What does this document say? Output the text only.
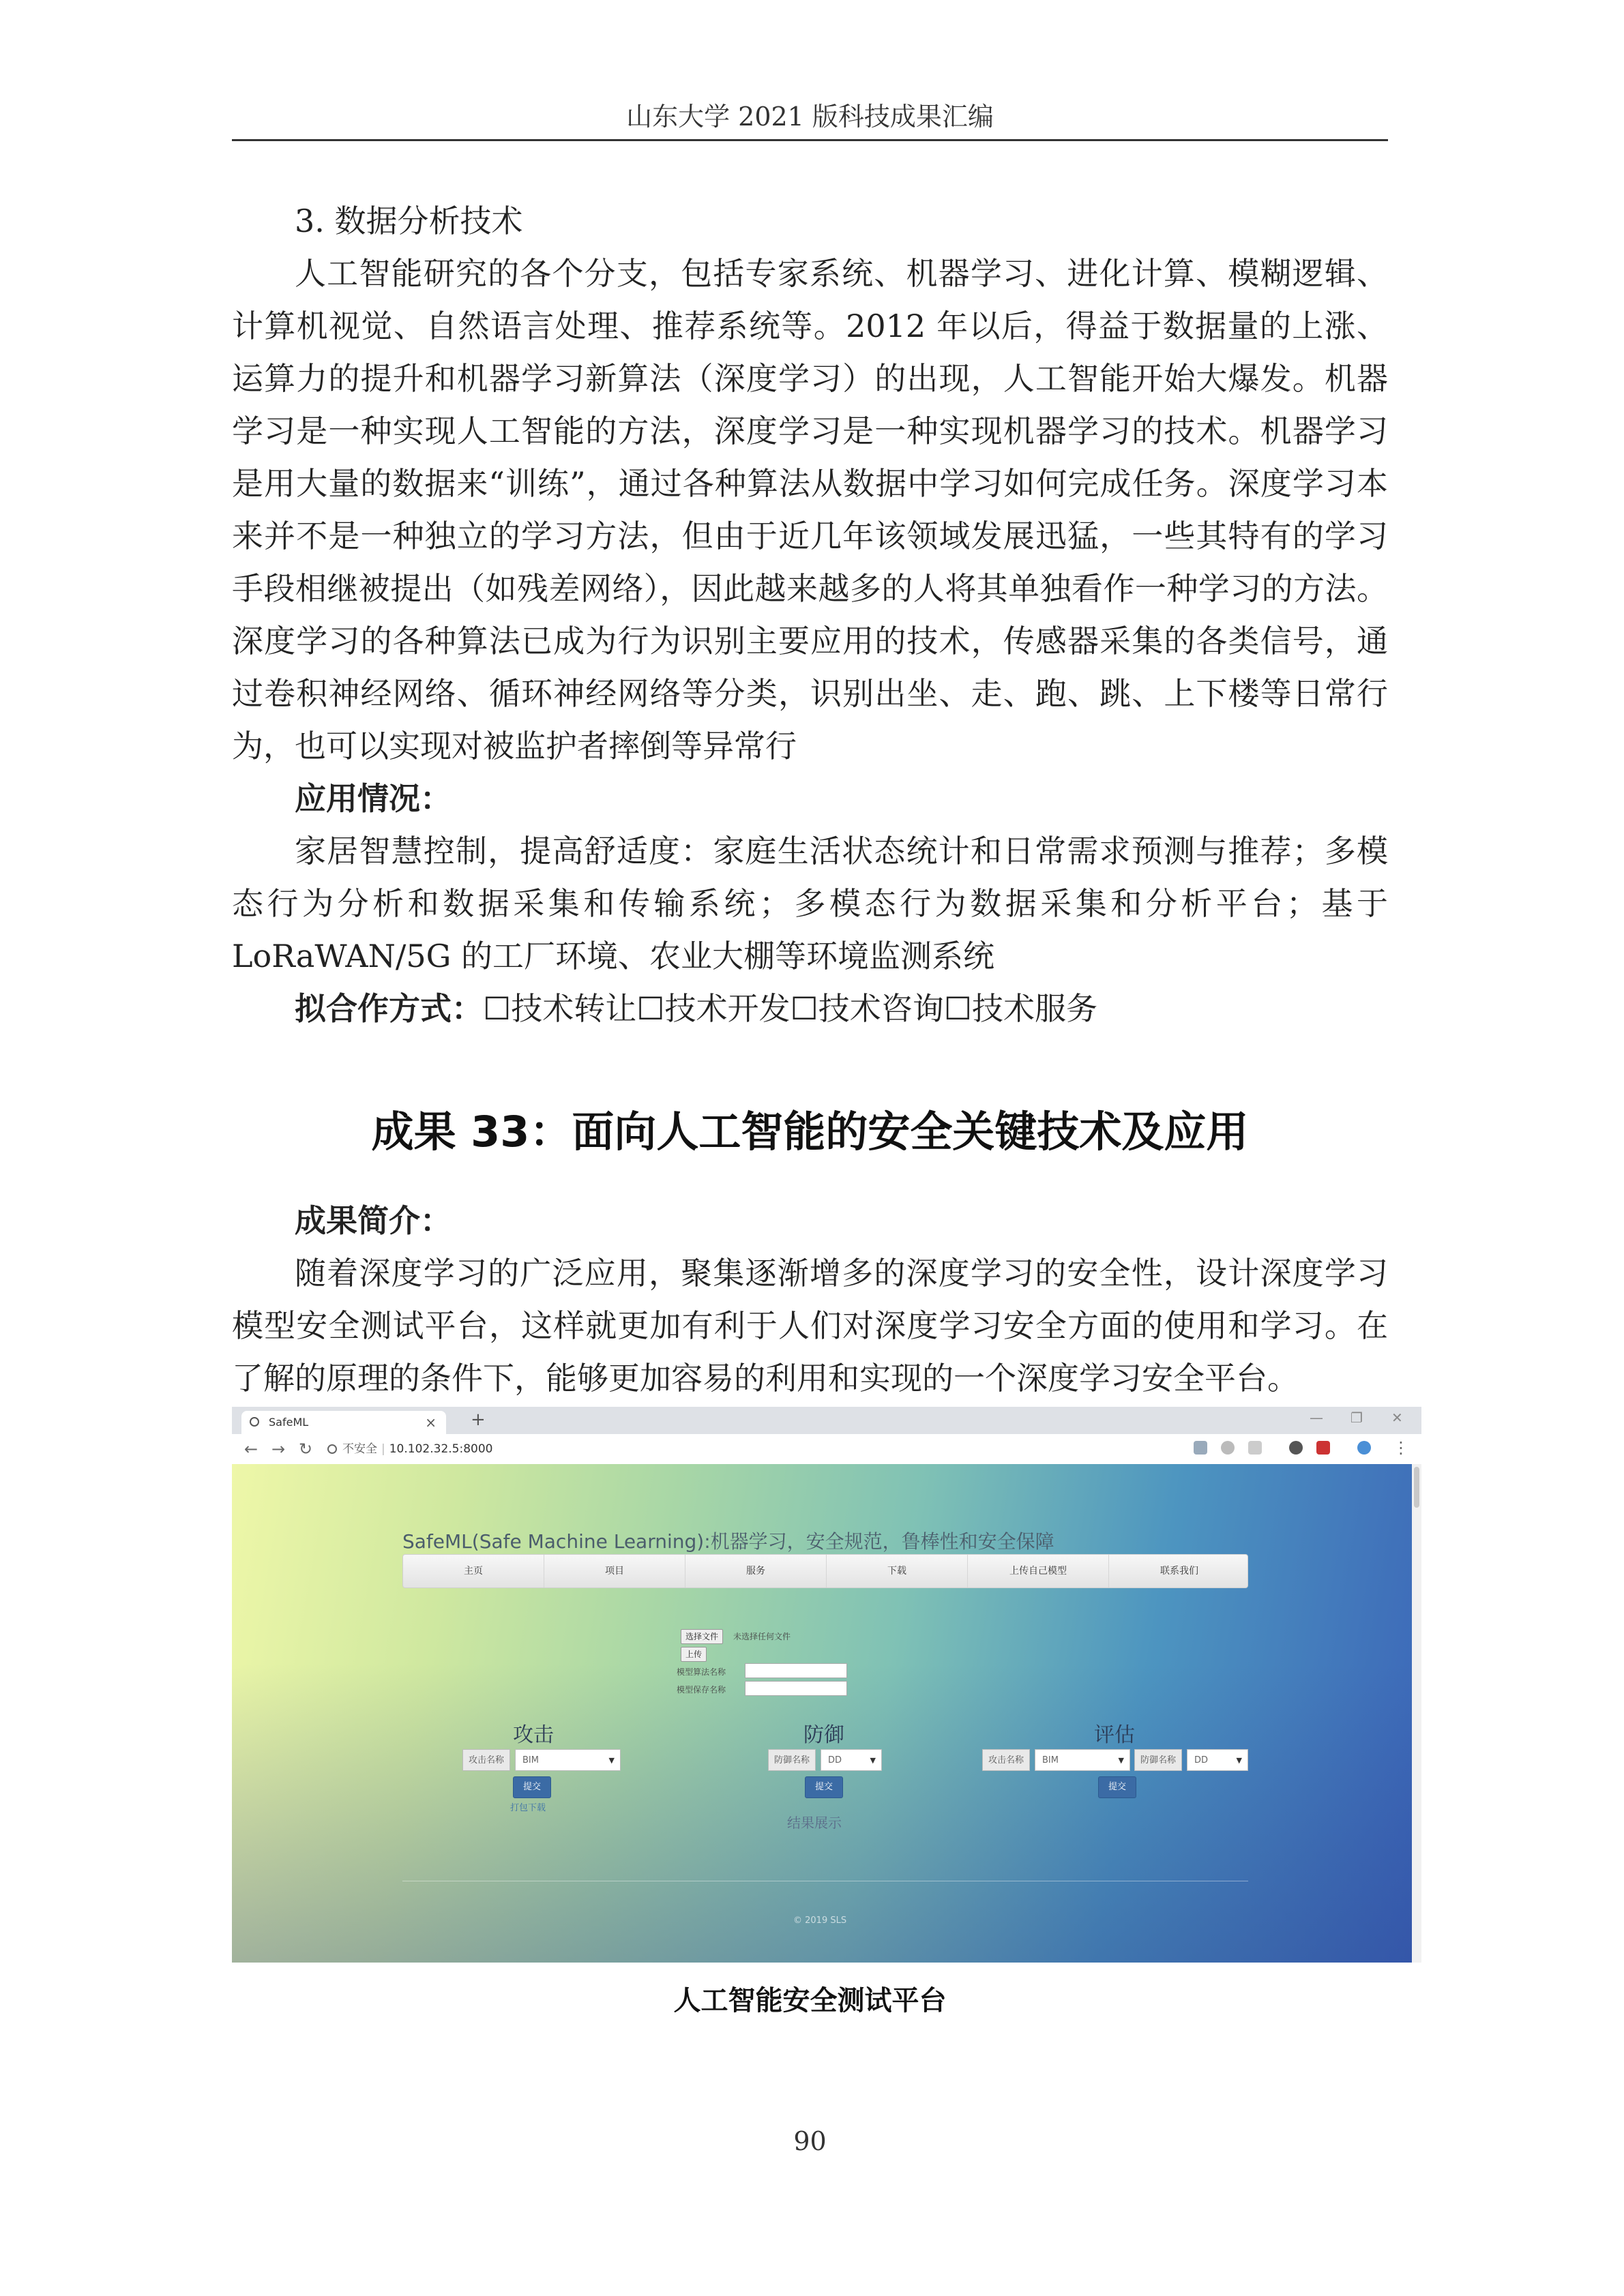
山东大学 2021 版科技成果汇编

3. 数据分析技术

人工智能研究的各个分支，包括专家系统、机器学习、进化计算、模糊逻辑、计算机视觉、自然语言处理、推荐系统等。2012 年以后，得益于数据量的上涨、运算力的提升和机器学习新算法（深度学习）的出现，人工智能开始大爆发。机器学习是一种实现人工智能的方法，深度学习是一种实现机器学习的技术。机器学习是用大量的数据来“训练”，通过各种算法从数据中学习如何完成任务。深度学习本来并不是一种独立的学习方法，但由于近几年该领域发展迅猛，一些其特有的学习手段相继被提出（如残差网络），因此越来越多的人将其单独看作一种学习的方法。深度学习的各种算法已成为行为识别主要应用的技术，传感器采集的各类信号，通过卷积神经网络、循环神经网络等分类，识别出坐、走、跑、跳、上下楼等日常行为，也可以实现对被监护者摔倒等异常行

应用情况：

家居智慧控制，提高舒适度：家庭生活状态统计和日常需求预测与推荐；多模态行为分析和数据采集和传输系统；多模态行为数据采集和分析平台；基于 LoRaWAN/5G 的工厂环境、农业大棚等环境监测系统

拟合作方式：☐技术转让☐技术开发☐技术咨询☐技术服务

成果 33：面向人工智能的安全关键技术及应用

成果简介：

随着深度学习的广泛应用，聚集逐渐增多的深度学习的安全性，设计深度学习模型安全测试平台，这样就更加有利于人们对深度学习安全方面的使用和学习。在了解的原理的条件下，能够更加容易的利用和实现的一个深度学习安全平台。

SafeML	× +	— ❐ ✕
← → ↻	不安全 | 10.102.32.5:8000	⋮
SafeML(Safe Machine Learning):机器学习，安全规范，鲁棒性和安全保障
主页	项目	服务	下载	上传自己模型	联系我们
选择文件	未选择任何文件
上传
模型算法名称
模型保存名称
攻击
攻击名称	BIM	▼
提交
打包下载
防御
防御名称	DD	▼
提交
结果展示
评估
攻击名称	BIM	▼	防御名称	DD	▼
提交
© 2019 SLS
人工智能安全测试平台
90
